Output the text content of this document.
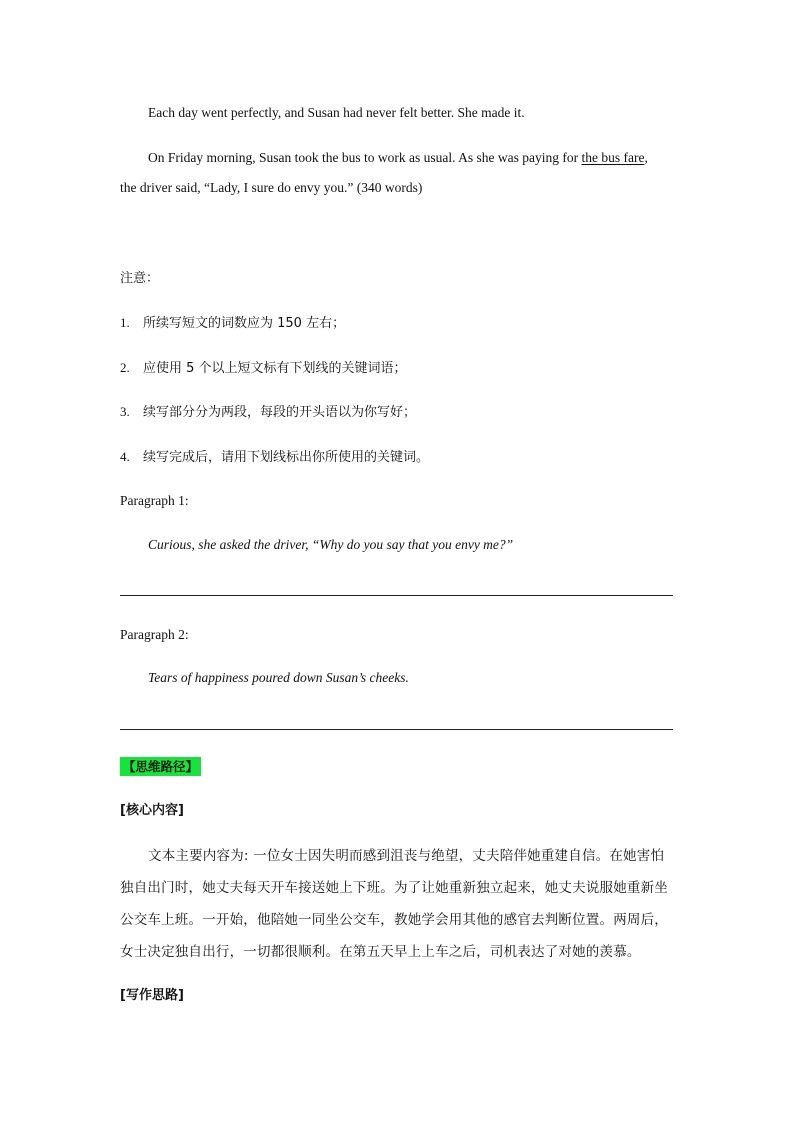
Each day went perfectly, and Susan had never felt better. She made it.
On Friday morning, Susan took the bus to work as usual. As she was paying for the bus fare,
the driver said, “Lady, I sure do envy you.” (340 words)
注意：
1. 所续写短文的词数应为 150 左右；
2. 应使用 5 个以上短文标有下划线的关键词语；
3. 续写部分分为两段，每段的开头语以为你写好；
4. 续写完成后，请用下划线标出你所使用的关键词。
Paragraph 1:
Curious, she asked the driver, “Why do you say that you envy me?”
Paragraph 2:
Tears of happiness poured down Susan’s cheeks.
【思维路径】
[核心内容]
文本主要内容为: 一位女士因失明而感到沮丧与绝望，丈夫陪伴她重建自信。在她害怕
独自出门时，她丈夫每天开车接送她上下班。为了让她重新独立起来，她丈夫说服她重新坐
公交车上班。一开始，他陪她一同坐公交车，教她学会用其他的感官去判断位置。两周后，
女士决定独自出行，一切都很顺利。在第五天早上上车之后，司机表达了对她的羡慕。
[写作思路]
